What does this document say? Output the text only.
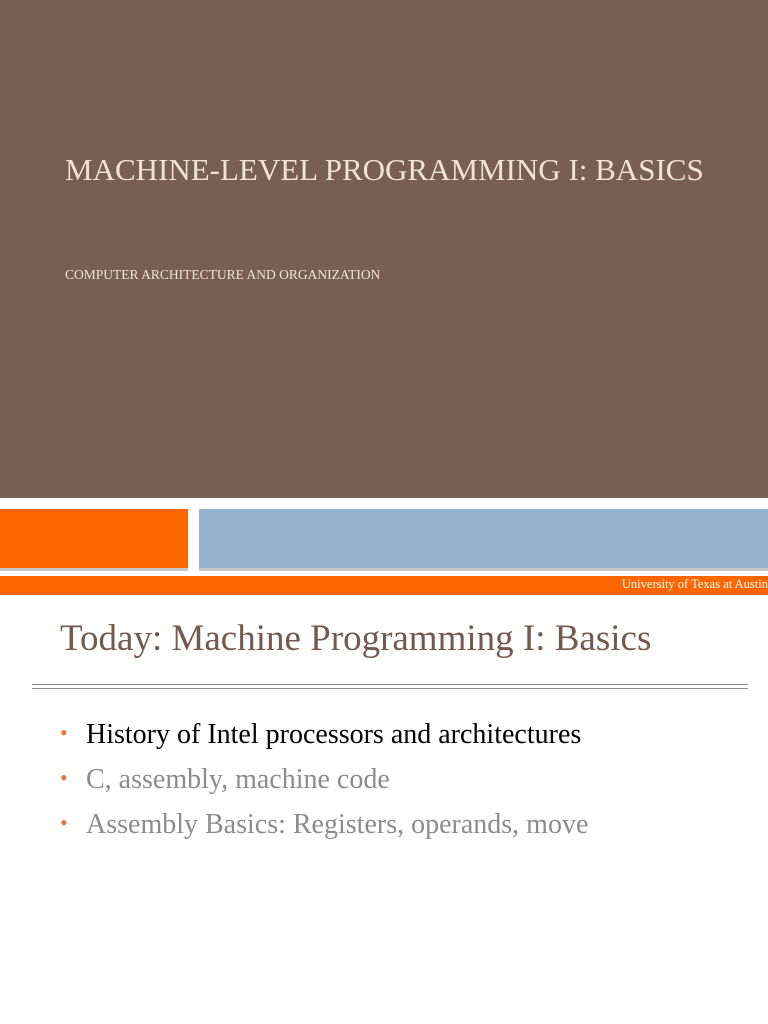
MACHINE-LEVEL PROGRAMMING I: BASICS
COMPUTER ARCHITECTURE AND ORGANIZATION
University of Texas at Austin
Today: Machine Programming I: Basics
• History of Intel processors and architectures
• C, assembly, machine code
• Assembly Basics: Registers, operands, move
